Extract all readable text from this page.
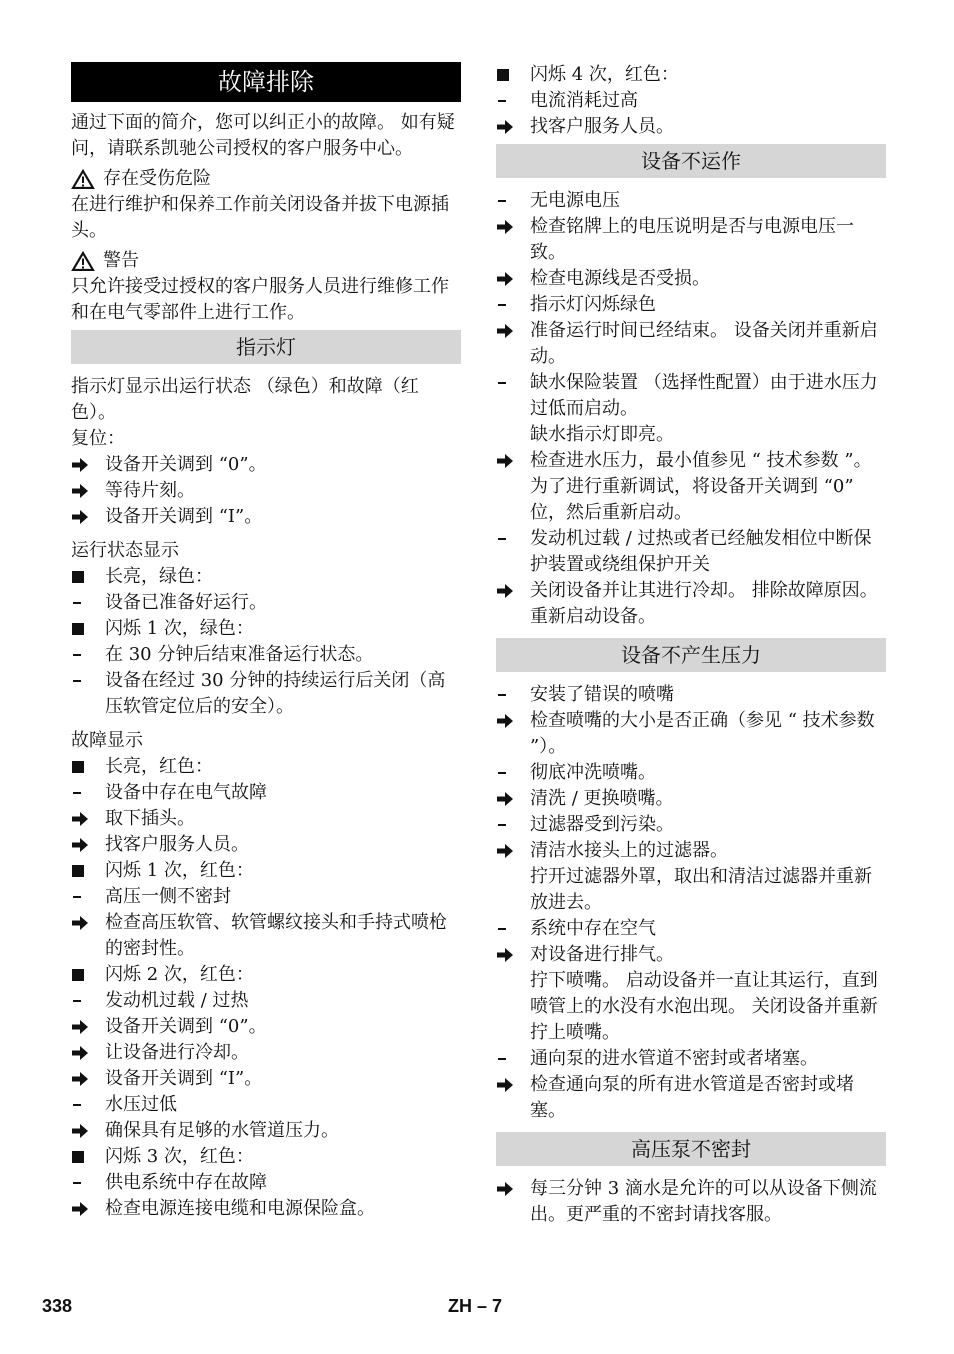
故障排除

通过下面的简介，您可以纠正小的故障。 如有疑问，请联系凯驰公司授权的客户服务中心。

存在受伤危险

在进行维护和保养工作前关闭设备并拔下电源插头。

警告

只允许接受过授权的客户服务人员进行维修工作和在电气零部件上进行工作。

指示灯

指示灯显示出运行状态 （绿色）和故障（红色）。

复位：

设备开关调到 “0”。
等待片刻。
设备开关调到 “I”。

运行状态显示

长亮，绿色：
设备已准备好运行。
闪烁 1 次，绿色：
在 30 分钟后结束准备运行状态。
设备在经过 30 分钟的持续运行后关闭（高压软管定位后的安全）。

故障显示

长亮，红色：
设备中存在电气故障
取下插头。
找客户服务人员。
闪烁 1 次，红色：
高压一侧不密封
检查高压软管、软管螺纹接头和手持式喷枪的密封性。
闪烁 2 次，红色：
发动机过载 / 过热
设备开关调到 “0”。
让设备进行冷却。
设备开关调到 “I”。
水压过低
确保具有足够的水管道压力。
闪烁 3 次，红色：
供电系统中存在故障
检查电源连接电缆和电源保险盒。
闪烁 4 次，红色：
电流消耗过高
找客户服务人员。
设备不运作
无电源电压
检查铭牌上的电压说明是否与电源电压一致。
检查电源线是否受损。
指示灯闪烁绿色
准备运行时间已经结束。 设备关闭并重新启动。
缺水保险装置 （选择性配置）由于进水压力过低而启动。
缺水指示灯即亮。
检查进水压力，最小值参见 “ 技术参数 ”。
为了进行重新调试，将设备开关调到 “0” 位，然后重新启动。
发动机过载 / 过热或者已经触发相位中断保护装置或绕组保护开关
关闭设备并让其进行冷却。 排除故障原因。 重新启动设备。
设备不产生压力
安装了错误的喷嘴
检查喷嘴的大小是否正确（参见 “ 技术参数 ”）。
彻底冲洗喷嘴。
清洗 / 更换喷嘴。
过滤器受到污染。
清洁水接头上的过滤器。
拧开过滤器外罩，取出和清洁过滤器并重新放进去。
系统中存在空气
对设备进行排气。
拧下喷嘴。 启动设备并一直让其运行，直到喷管上的水没有水泡出现。 关闭设备并重新拧上喷嘴。
通向泵的进水管道不密封或者堵塞。
检查通向泵的所有进水管道是否密封或堵塞。
高压泵不密封
每三分钟 3 滴水是允许的可以从设备下侧流出。更严重的不密封请找客服。
338	ZH – 7
